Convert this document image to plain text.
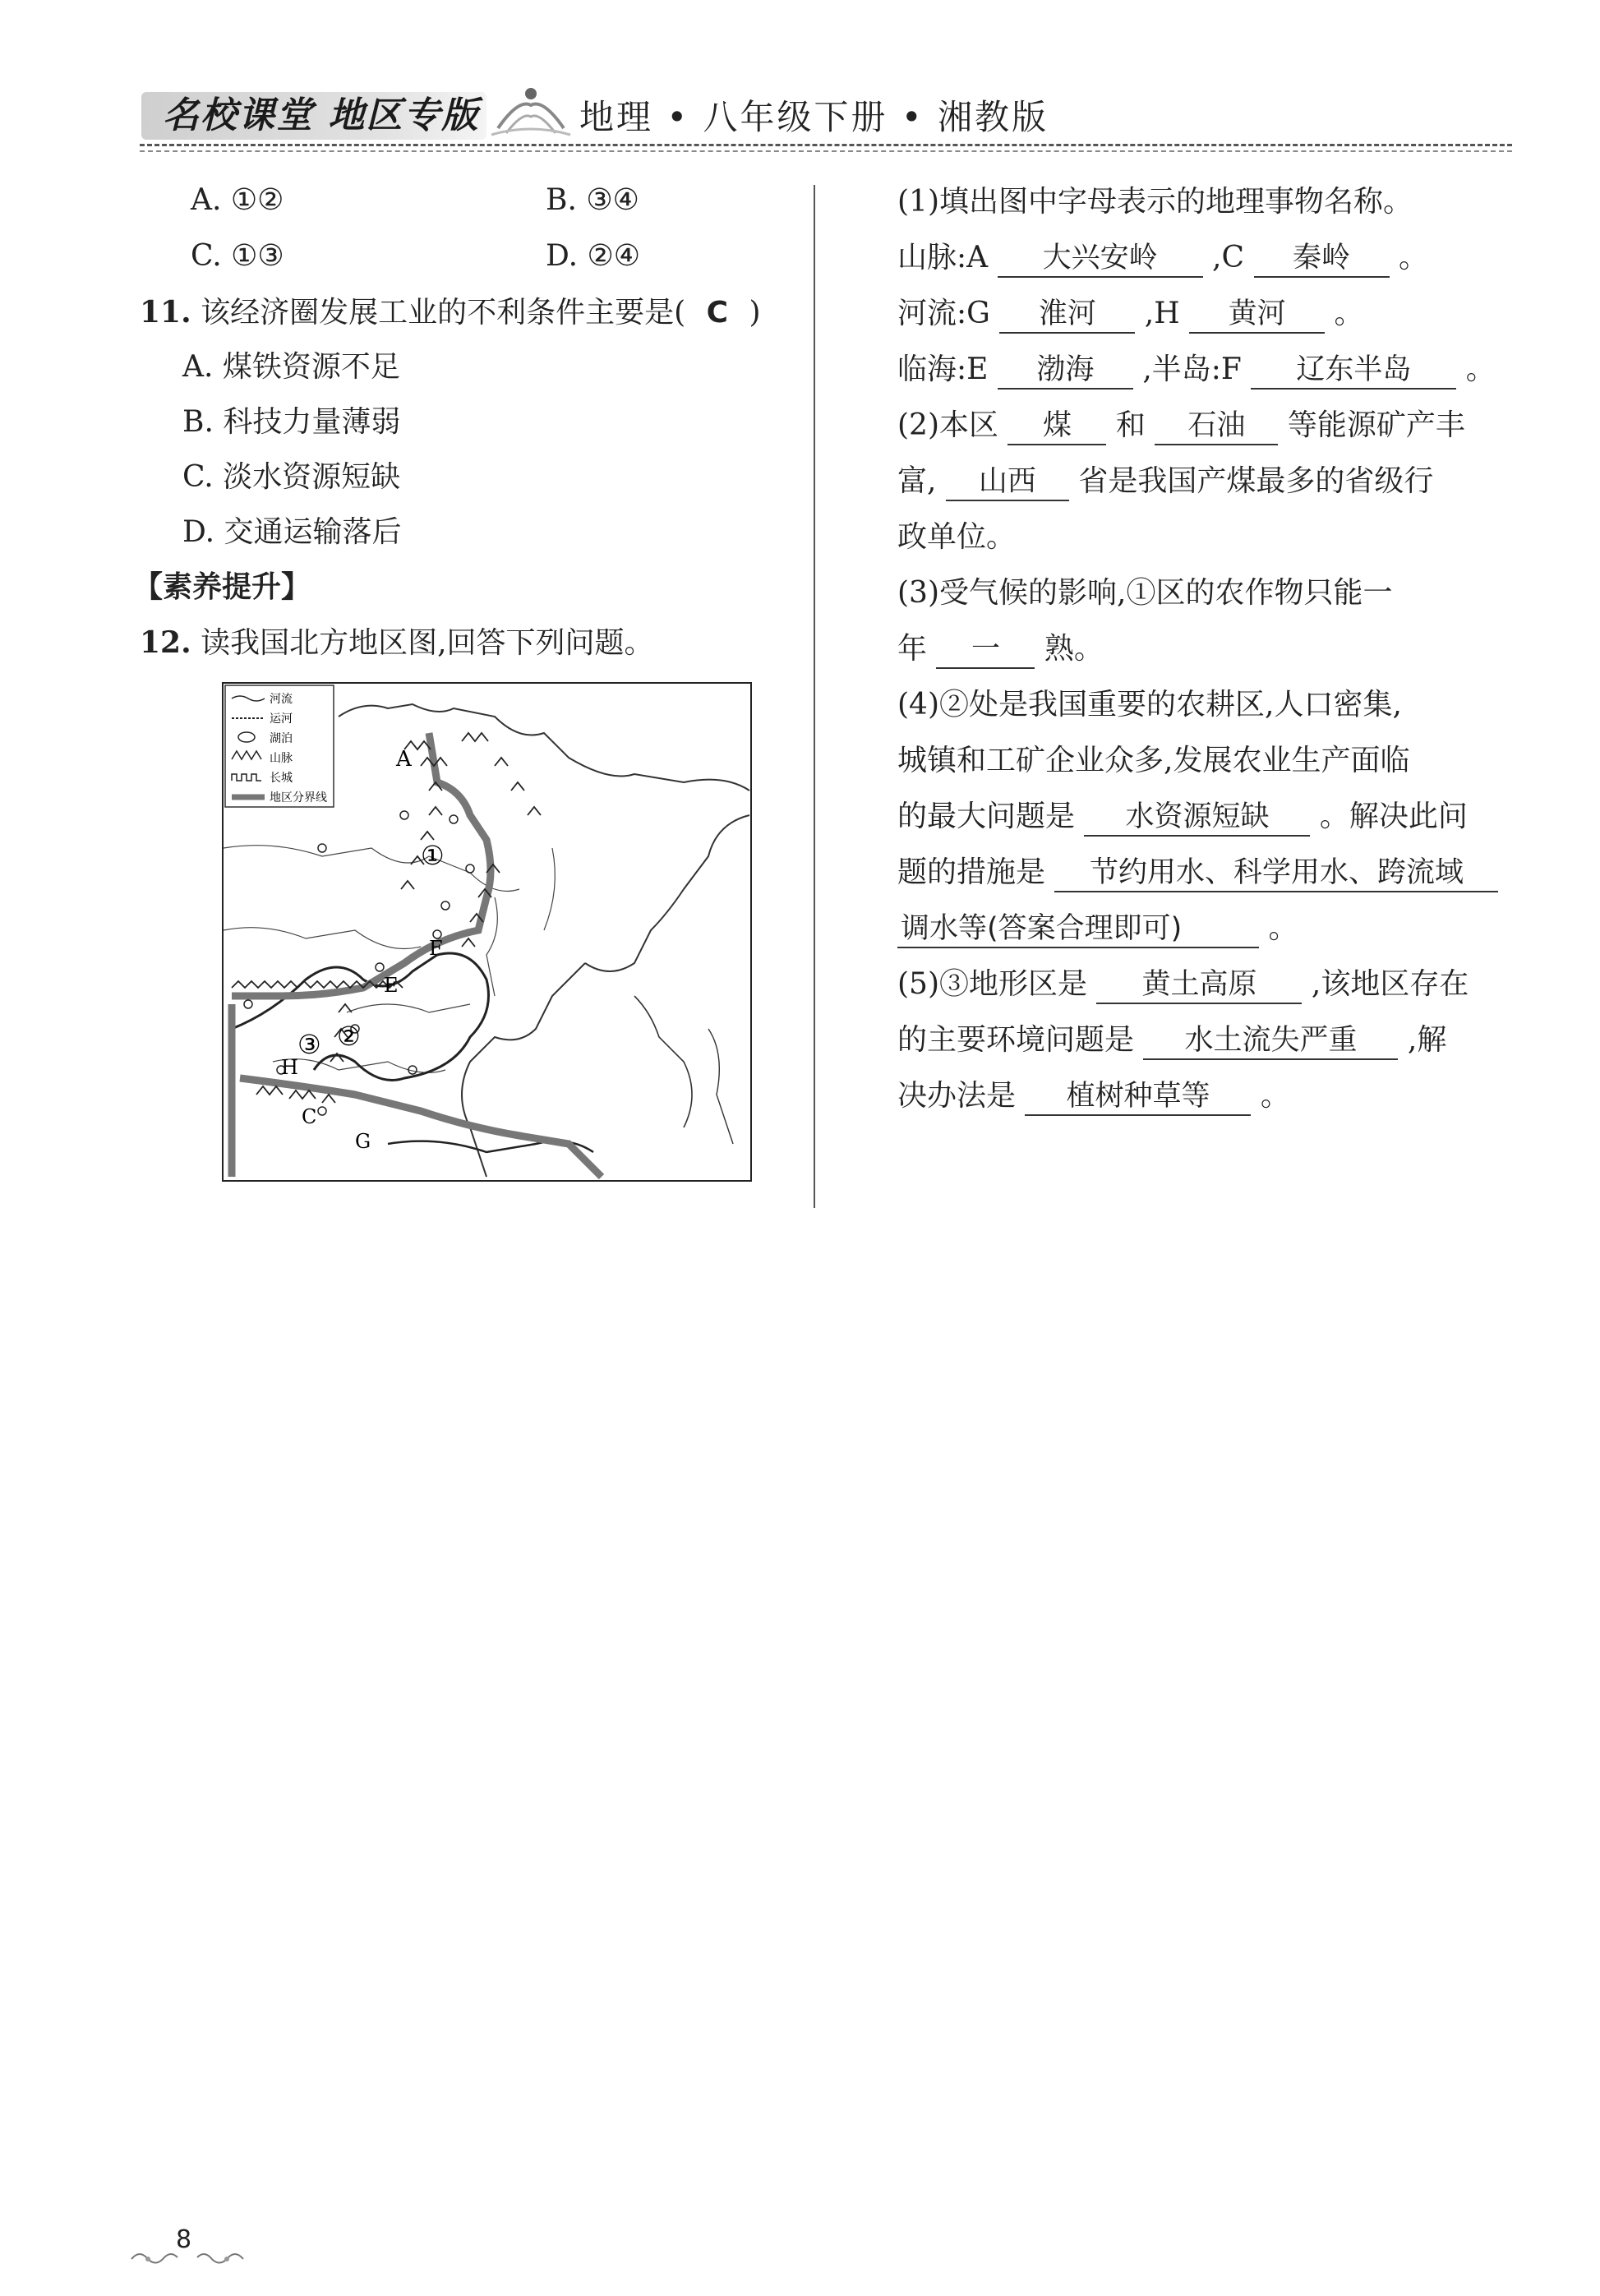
名校课堂 地区专版	地理 • 八年级下册 • 湘教版
A. ①②	B. ③④
C. ①③	D. ②④
11. 该经济圈发展工业的不利条件主要是( C )
A. 煤铁资源不足
B. 科技力量薄弱
C. 淡水资源短缺
D. 交通运输落后
【素养提升】
12. 读我国北方地区图,回答下列问题。
河流
运河
湖泊
山脉
长城
地区分界线
A
①
F
E
②
③
H
C
G
(1)填出图中字母表示的地理事物名称。
山脉:A 大兴安岭 ,C 秦岭 。
河流:G 淮河 ,H 黄河 。
临海:E 渤海 ,半岛:F 辽东半岛 。
(2)本区 煤 和 石油 等能源矿产丰
富, 山西 省是我国产煤最多的省级行
政单位。
(3)受气候的影响,①区的农作物只能一
年 一 熟。
(4)②处是我国重要的农耕区,人口密集,
城镇和工矿企业众多,发展农业生产面临
的最大问题是 水资源短缺 。解决此问
题的措施是 节约用水、科学用水、跨流域
调水等(答案合理即可)	。
(5)③地形区是 黄土高原 ,该地区存在
的主要环境问题是 水土流失严重 ,解
决办法是 植树种草等 。
8
